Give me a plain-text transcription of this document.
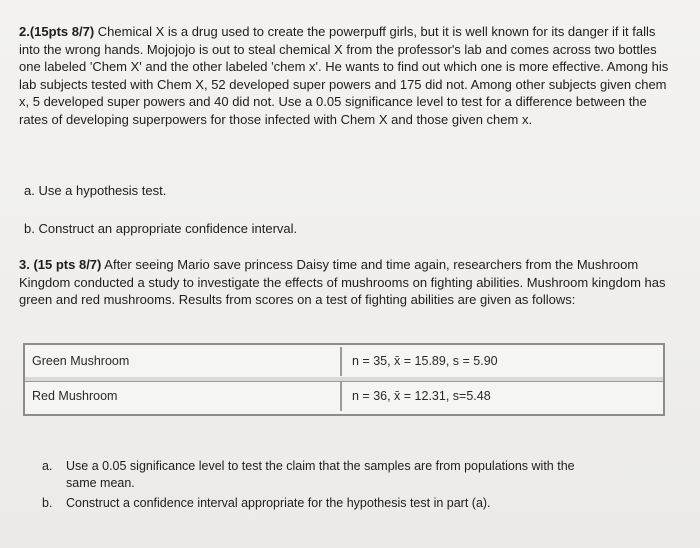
2.(15pts 8/7) Chemical X is a drug used to create the powerpuff girls, but it is well known for its danger if it falls into the wrong hands. Mojojojo is out to steal chemical X from the professor's lab and comes across two bottles one labeled 'Chem X' and the other labeled 'chem x'. He wants to find out which one is more effective. Among his lab subjects tested with Chem X, 52 developed super powers and 175 did not. Among other subjects given chem x, 5 developed super powers and 40 did not. Use a 0.05 significance level to test for a difference between the rates of developing superpowers for those infected with Chem X and those given chem x.
a. Use a hypothesis test.
b. Construct an appropriate confidence interval.
3. (15 pts 8/7) After seeing Mario save princess Daisy time and time again, researchers from the Mushroom Kingdom conducted a study to investigate the effects of mushrooms on fighting abilities. Mushroom kingdom has green and red mushrooms. Results from scores on a test of fighting abilities are given as follows:
Green Mushroom	n = 35, x̄ = 15.89, s = 5.90
Red Mushroom	n = 36, x̄ = 12.31, s=5.48
a. Use a 0.05 significance level to test the claim that the samples are from populations with the
same mean.
b. Construct a confidence interval appropriate for the hypothesis test in part (a).
